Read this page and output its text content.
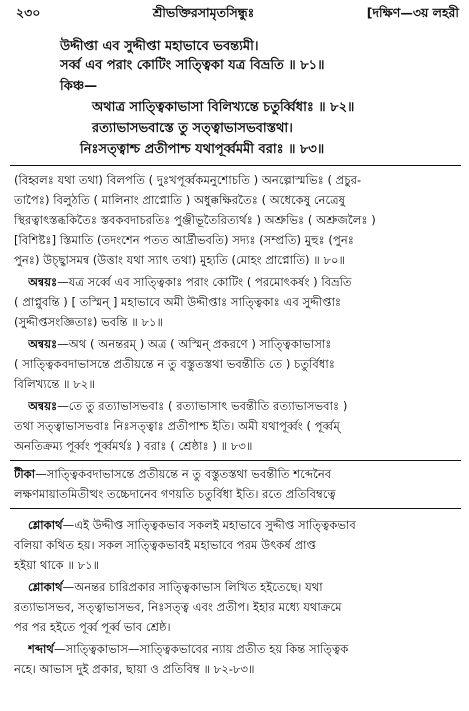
২৩০	শ্রীভক্তিরসামৃতসিন্ধুঃ	[দক্ষিণ—৩য় লহরী
উদ্দীপ্তা এব সুদ্দীপ্তা মহাভাবে ভবন্ত্যমী।
সর্ব্ব এব পরাং কোটিং সাত্ত্বিকা যত্র বিভ্রতি ॥ ৮১॥
কিঞ্চ—
অথাত্র সাত্ত্বিকাভাসা বিলিখ্যন্তে চতুর্ব্বিধাঃ ॥ ৮২॥
রত্যাভাসভবাস্তে তু সত্ত্বাভাসভবাস্তথা।
নিঃসত্ত্বাশ্চ প্রতীপাশ্চ যথাপূর্ব্বমমী বরাঃ ॥ ৮৩॥
(বিহ্বলঃ যথা তথা) বিলপতি ( দুঃখপূর্ব্বকমনুশোচতি ) অনল্পোস্মভিঃ ( প্রচুর-
তাপৈঃ) বিলুঠতি ( মালিনাং প্রাপ্নোতি ) অধুক্কক্ষিরতৈঃ ( অধেকেষু নেত্রেষু
স্থিরত্বাৎস্তব্ধকিতৈঃ স্তবকবদাচরতিঃ পুঞ্জীভূতৈরিত্যর্থঃ ) অশ্রুভিঃ ( অশ্রুজলৈঃ )
[বিশিষ্টঃ] স্তিমাতি (তদংশেন পতত আর্দ্রীভবতি) সদ্যঃ (সম্প্রতি) মুহুঃ (পুনঃ
পুনঃ) উচ্ছ্বাসমন্ব (উত্তাং যথা স্যাৎ তথা) মুহ্যতি (মোহং প্রাপ্নোতি) ॥ ৮০॥
অন্বয়ঃ—যত্র সর্ব্বে এব সাত্ত্বিকাঃ পরাং কোটিং ( পরমোৎকর্ষং ) বিভ্রতি
( প্রাপ্নুবন্তি ) [ তস্মিন্ ] মহাভাবে অমী উদ্দীপ্তাঃ সাত্ত্বিকাঃ এব সুদ্দীপ্তাঃ
(সুদ্দীপ্তসংজ্ঞিতাঃ) ভবন্তি ॥ ৮১॥
অন্বয়ঃ—অথ ( অনন্তরম্ ) অত্র ( অস্মিন্ প্রকরণে ) সাত্ত্বিকাভাসাঃ
( সাত্ত্বিকবদাভাসন্তে প্রতীয়ন্তে ন তু বস্তুতস্তথা ভবন্তীতি তে ) চতুর্বিধাঃ
বিলিখ্যন্তে ॥ ৮২॥
অন্বয়ঃ—তে তু রত্যাভাসভবাঃ ( রত্যাভাসাৎ ভবন্তীতি রত্যাভাসভবাঃ )
তথা সত্ত্বাভাসভবাঃ নিঃসত্ত্বাঃ প্রতীপাশ্চ ইতি। অমী যথাপূর্ব্বং ( পূর্ব্বম্
অনতিক্রম্য পূর্ব্বং পূর্ব্বমর্থঃ ) বরাঃ ( শ্রেষ্ঠাঃ ) ॥ ৮৩॥
টীকা—সাত্ত্বিকবদাভাসন্তে প্রতীয়ন্তে ন তু বস্তুতস্তথা ভবন্তীতি শব্দেনৈব
লক্ষণমায়াতমিতীত্থং তচ্চেদানেব গণয়তি চতুর্বিধা ইতি। রতে প্রতিবিম্বত্বে
শ্লোকার্থ—এই উদ্দীপ্ত সাত্ত্বিকভাব সকলই মহাভাবে সুদ্দীপ্ত সাত্ত্বিকভাব
বলিয়া কথিত হয়। সকল সাত্ত্বিকভাবই মহাভাবে পরম উৎকর্ষ প্রাপ্ত
হইয়া থাকে ॥ ৮১॥
শ্লোকার্থ—অনন্তর চারিপ্রকার সাত্ত্বিকাভাস লিখিত হইতেছে। যথা
রত্যাভাসভব, সত্ত্বাভাসভব, নিঃসত্ত্ব এবং প্রতীপ। ইহার মধ্যে যথাক্রমে
পর পর হইতে পূর্ব্ব পূর্ব্ব ভাব শ্রেষ্ঠ।
শব্দার্থ—সাত্ত্বিকাভাস—সাত্ত্বিকভাবের ন্যায় প্রতীত হয় কিন্ত সাত্ত্বিক
নহে। আভাস দুই প্রকার, ছায়া ও প্রতিবিম্ব ॥ ৮২-৮৩॥
